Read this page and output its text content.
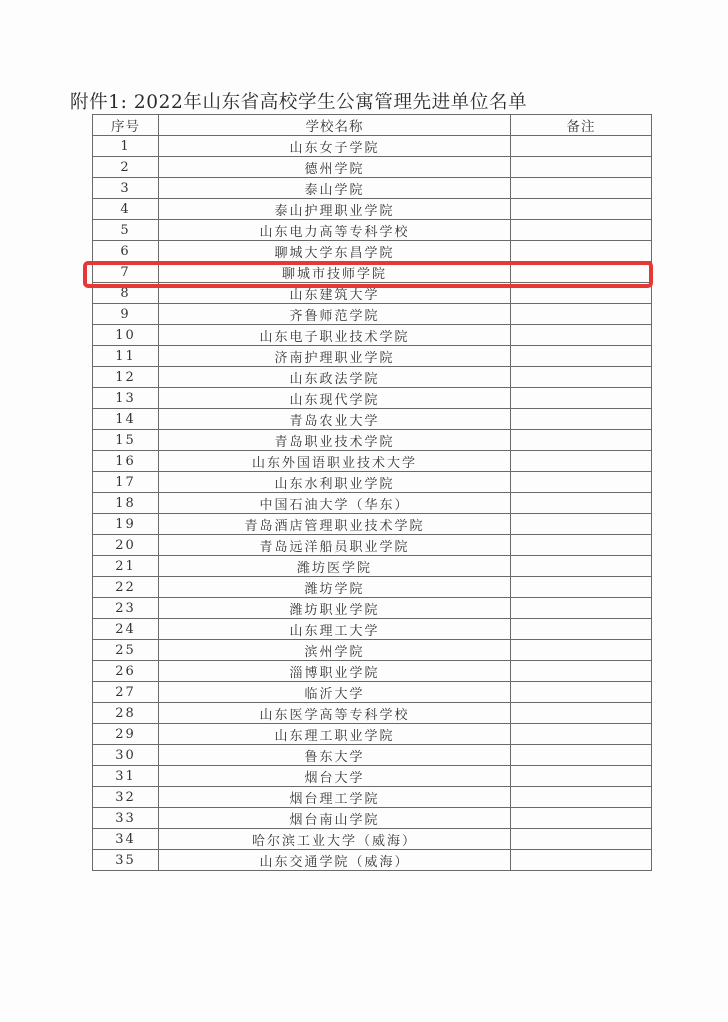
附件1: 2022年山东省高校学生公寓管理先进单位名单
序号	学校名称	备注
1	山东女子学院	
2	德州学院	
3	泰山学院	
4	泰山护理职业学院	
5	山东电力高等专科学校	
6	聊城大学东昌学院	
7	聊城市技师学院	
8	山东建筑大学	
9	齐鲁师范学院	
10	山东电子职业技术学院	
11	济南护理职业学院	
12	山东政法学院	
13	山东现代学院	
14	青岛农业大学	
15	青岛职业技术学院	
16	山东外国语职业技术大学	
17	山东水利职业学院	
18	中国石油大学（华东）	
19	青岛酒店管理职业技术学院	
20	青岛远洋船员职业学院	
21	潍坊医学院	
22	潍坊学院	
23	潍坊职业学院	
24	山东理工大学	
25	滨州学院	
26	淄博职业学院	
27	临沂大学	
28	山东医学高等专科学校	
29	山东理工职业学院	
30	鲁东大学	
31	烟台大学	
32	烟台理工学院	
33	烟台南山学院	
34	哈尔滨工业大学（威海）	
35	山东交通学院（威海）	
